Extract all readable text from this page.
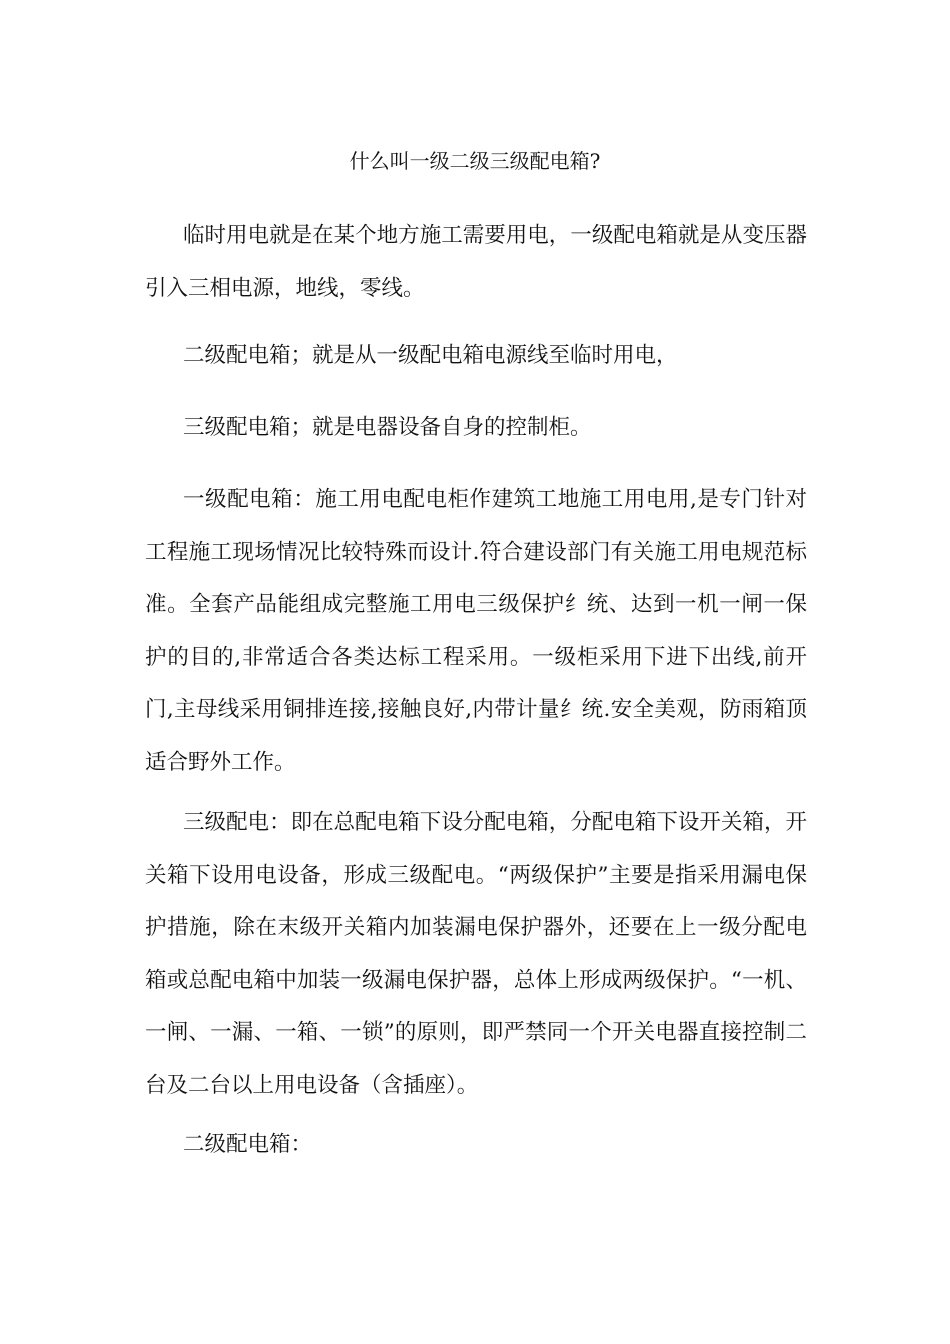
什么叫一级二级三级配电箱?

临时用电就是在某个地方施工需要用电，一级配电箱就是从变压器引入三相电源，地线，零线。

二级配电箱；就是从一级配电箱电源线至临时用电，

三级配电箱；就是电器设备自身的控制柜。

一级配电箱：施工用电配电柜作建筑工地施工用电用,是专门针对工程施工现场情况比较特殊而设计.符合建设部门有关施工用电规范标准。全套产品能组成完整施工用电三级保护纟统、达到一机一闸一保护的目的,非常适合各类达标工程采用。一级柜采用下进下出线,前开门,主母线采用铜排连接,接触良好,内带计量纟统.安全美观，防雨箱顶适合野外工作。

三级配电：即在总配电箱下设分配电箱，分配电箱下设开关箱，开关箱下设用电设备，形成三级配电。“两级保护”主要是指采用漏电保护措施，除在末级开关箱内加装漏电保护器外，还要在上一级分配电箱或总配电箱中加装一级漏电保护器，总体上形成两级保护。“一机、一闸、一漏、一箱、一锁”的原则，即严禁同一个开关电器直接控制二台及二台以上用电设备（含插座）。

二级配电箱：
